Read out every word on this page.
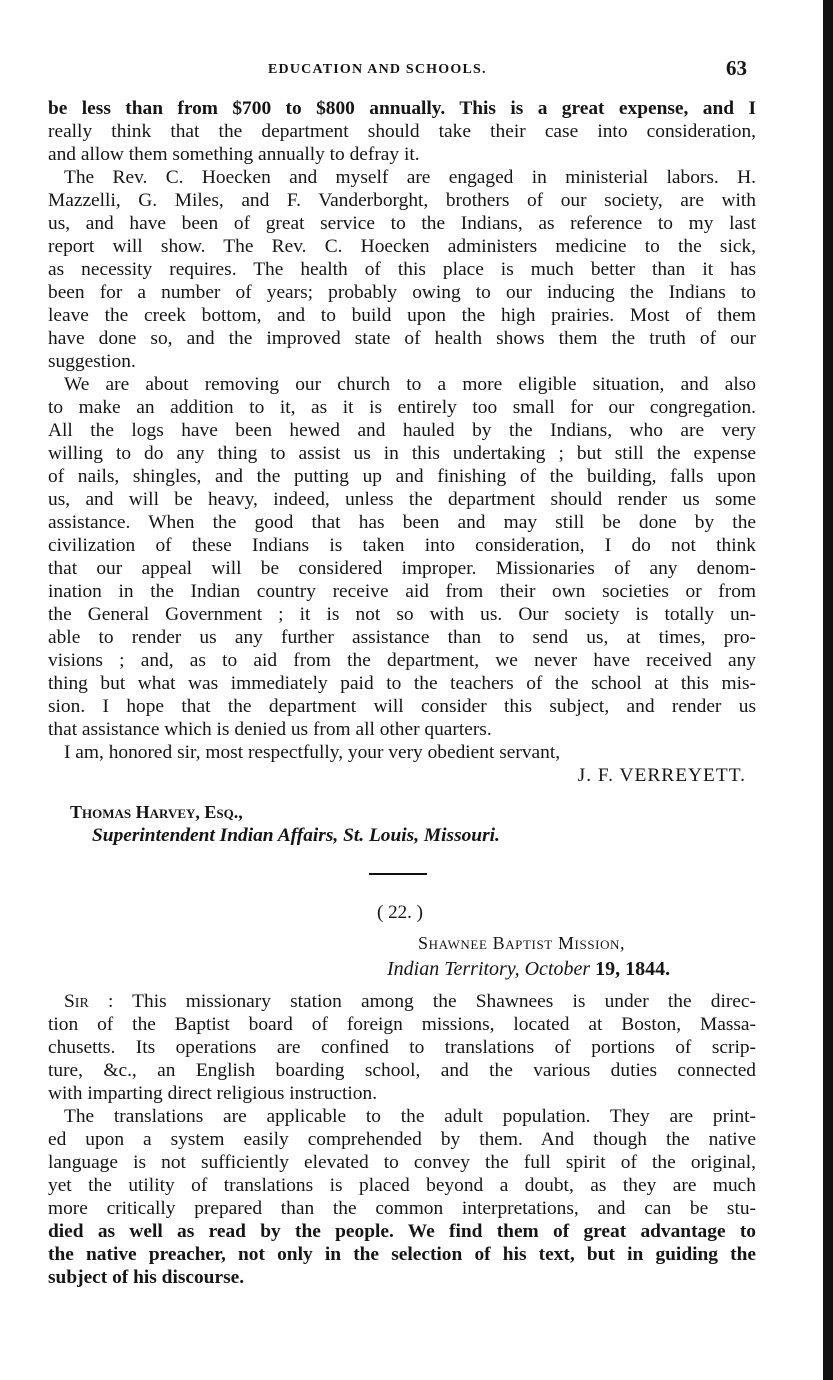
EDUCATION AND SCHOOLS.	63
be less than from $700 to $800 annually. This is a great expense, and I
really think that the department should take their case into consideration,
and allow them something annually to defray it.
The Rev. C. Hoecken and myself are engaged in ministerial labors. H.
Mazzelli, G. Miles, and F. Vanderborght, brothers of our society, are with
us, and have been of great service to the Indians, as reference to my last
report will show. The Rev. C. Hoecken administers medicine to the sick,
as necessity requires. The health of this place is much better than it has
been for a number of years; probably owing to our inducing the Indians to
leave the creek bottom, and to build upon the high prairies. Most of them
have done so, and the improved state of health shows them the truth of our
suggestion.
We are about removing our church to a more eligible situation, and also
to make an addition to it, as it is entirely too small for our congregation.
All the logs have been hewed and hauled by the Indians, who are very
willing to do any thing to assist us in this undertaking ; but still the expense
of nails, shingles, and the putting up and finishing of the building, falls upon
us, and will be heavy, indeed, unless the department should render us some
assistance. When the good that has been and may still be done by the
civilization of these Indians is taken into consideration, I do not think
that our appeal will be considered improper. Missionaries of any denom-
ination in the Indian country receive aid from their own societies or from
the General Government ; it is not so with us. Our society is totally un-
able to render us any further assistance than to send us, at times, pro-
visions ; and, as to aid from the department, we never have received any
thing but what was immediately paid to the teachers of the school at this mis-
sion. I hope that the department will consider this subject, and render us
that assistance which is denied us from all other quarters.
I am, honored sir, most respectfully, your very obedient servant,
J. F. VERREYETT.
Thomas Harvey, Esq.,
Superintendent Indian Affairs, St. Louis, Missouri.
( 22. )
Shawnee Baptist Mission,
Indian Territory, October 19, 1844.
Sir : This missionary station among the Shawnees is under the direc-
tion of the Baptist board of foreign missions, located at Boston, Massa-
chusetts. Its operations are confined to translations of portions of scrip-
ture, &c., an English boarding school, and the various duties connected
with imparting direct religious instruction.
The translations are applicable to the adult population. They are print-
ed upon a system easily comprehended by them. And though the native
language is not sufficiently elevated to convey the full spirit of the original,
yet the utility of translations is placed beyond a doubt, as they are much
more critically prepared than the common interpretations, and can be stu-
died as well as read by the people. We find them of great advantage to
the native preacher, not only in the selection of his text, but in guiding the
subject of his discourse.
